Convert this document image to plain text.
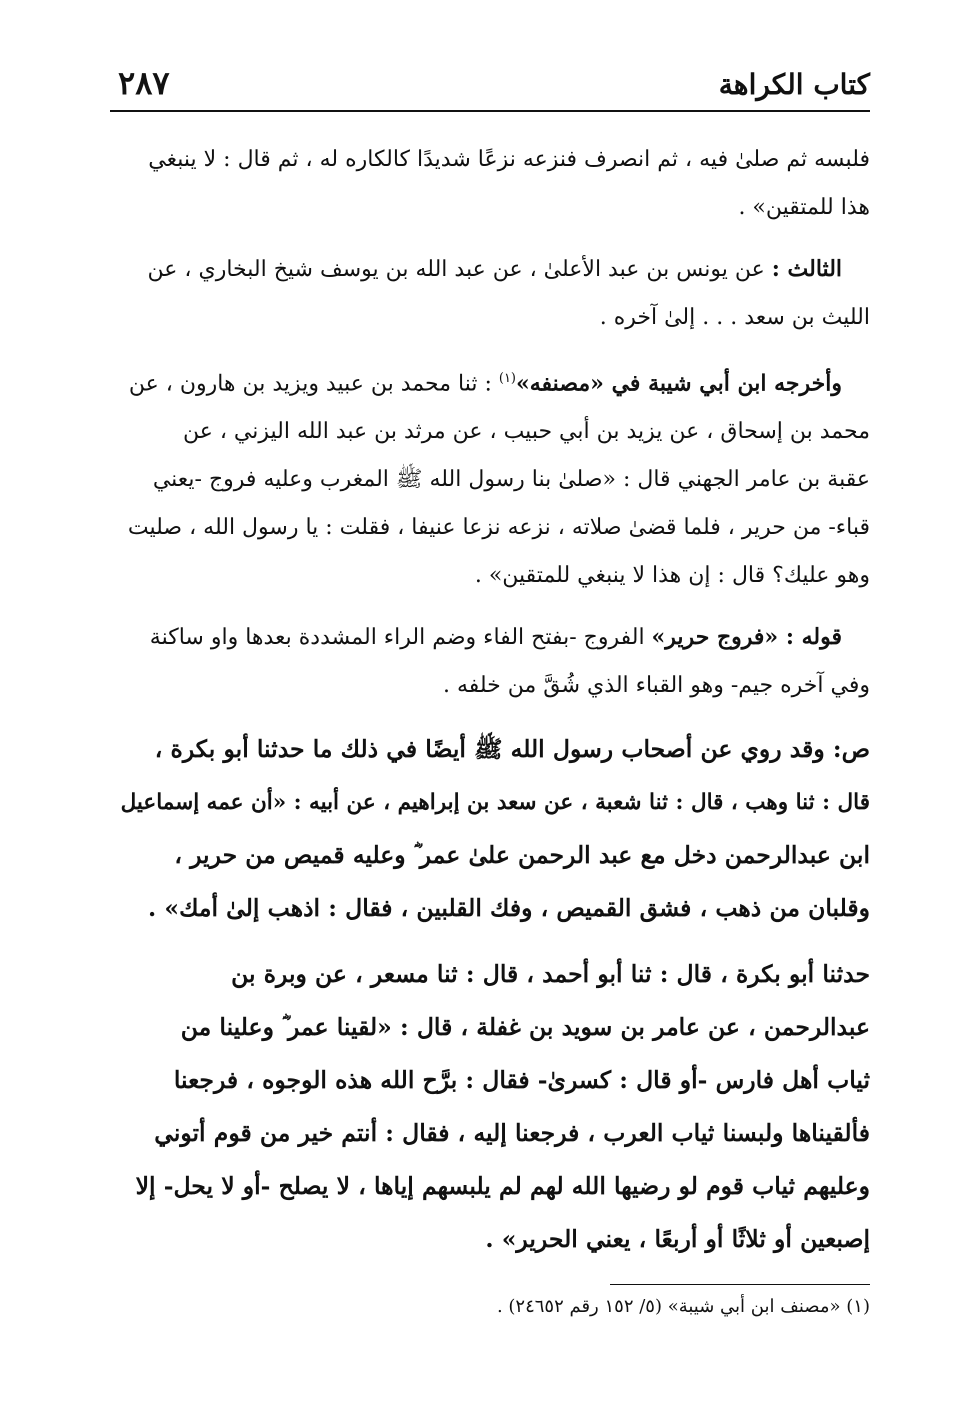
كتاب الكراهة
٢٨٧
فلبسه ثم صلىٰ فيه ، ثم انصرف فنزعه نزعًا شديدًا كالكاره له ، ثم قال : لا ينبغي
هذا للمتقين» .
الثالث : عن يونس بن عبد الأعلىٰ ، عن عبد الله بن يوسف شيخ البخاري ، عن
الليث بن سعد . . . إلىٰ آخره .
وأخرجه ابن أبي شيبة في «مصنفه»$^{(١)}$ : ثنا محمد بن عبيد ويزيد بن هارون ، عن
محمد بن إسحاق ، عن يزيد بن أبي حبيب ، عن مرثد بن عبد الله اليزني ، عن
عقبة بن عامر الجهني قال : «صلىٰ بنا رسول الله ﷺ المغرب وعليه فروج -يعني
قباء- من حرير ، فلما قضىٰ صلاته ، نزعه نزعا عنيفا ، فقلت : يا رسول الله ، صليت
وهو عليك؟ قال : إن هذا لا ينبغي للمتقين» .
قوله : «فروج حرير» الفروج -بفتح الفاء وضم الراء المشددة بعدها واو ساكنة
وفي آخره جيم- وهو القباء الذي شُقَّ من خلفه .
ص: وقد روي عن أصحاب رسول الله ﷺ أيضًا في ذلك ما حدثنا أبو بكرة ،
قال : ثنا وهب ، قال : ثنا شعبة ، عن سعد بن إبراهيم ، عن أبيه : «أن عمه إسماعيل
ابن عبدالرحمن دخل مع عبد الرحمن علىٰ عمر ؓ وعليه قميص من حرير ،
وقلبان من ذهب ، فشق القميص ، وفك القلبين ، فقال : اذهب إلىٰ أمك» .
حدثنا أبو بكرة ، قال : ثنا أبو أحمد ، قال : ثنا مسعر ، عن وبرة بن
عبدالرحمن ، عن عامر بن سويد بن غفلة ، قال : «لقينا عمر ؓ وعلينا من
ثياب أهل فارس -أو قال : كسرىٰ- فقال : برَّح الله هذه الوجوه ، فرجعنا
فألقيناها ولبسنا ثياب العرب ، فرجعنا إليه ، فقال : أنتم خير من قوم أتوني
وعليهم ثياب قوم لو رضيها الله لهم لم يلبسهم إياها ، لا يصلح -أو لا يحل- إلا
إصبعين أو ثلاثًا أو أربعًا ، يعني الحرير» .
(١) «مصنف ابن أبي شيبة» (٥/ ١٥٢ رقم ٢٤٦٥٢) .
